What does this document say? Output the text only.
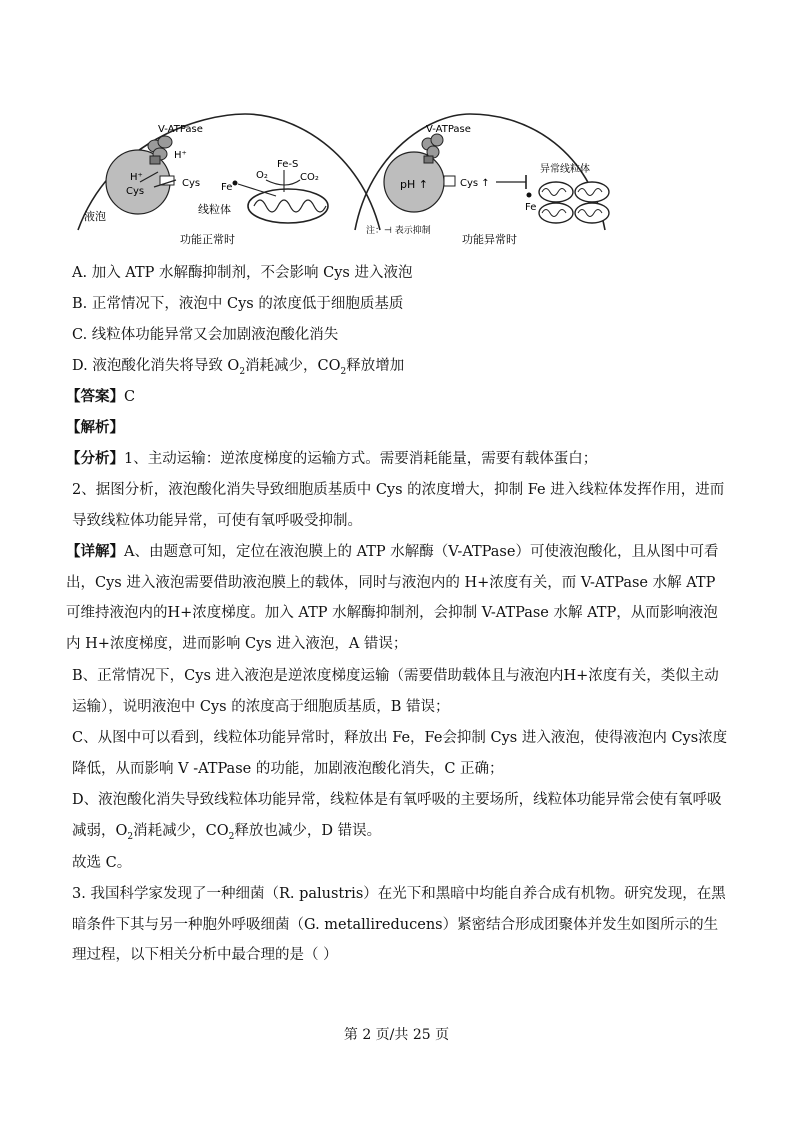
V-ATPase
H⁺
H⁺
Cys
Cys
液泡
Fe
Fe-S
O₂	CO₂
线粒体
功能正常时
V-ATPase
pH ↑	Cys ↑
Fe
异常线粒体
注：⊣ 表示抑制
功能异常时
A. 加入 ATP 水解酶抑制剂，不会影响 Cys 进入液泡
B. 正常情况下，液泡中 Cys 的浓度低于细胞质基质
C. 线粒体功能异常又会加剧液泡酸化消失
D. 液泡酸化消失将导致 $O_2$消耗减少，$CO_2$释放增加
【答案】C
【解析】
【分析】1、主动运输：逆浓度梯度的运输方式。需要消耗能量，需要有载体蛋白；
2、据图分析，液泡酸化消失导致细胞质基质中 Cys 的浓度增大，抑制 Fe 进入线粒体发挥作用，进而导致线粒体功能异常，可使有氧呼吸受抑制。
【详解】A、由题意可知，定位在液泡膜上的 ATP 水解酶（V-ATPase）可使液泡酸化，且从图中可看出，Cys 进入液泡需要借助液泡膜上的载体，同时与液泡内的 H+浓度有关，而 V-ATPase 水解 ATP 可维持液泡内的H+浓度梯度。加入 ATP 水解酶抑制剂，会抑制 V-ATPase 水解 ATP，从而影响液泡内 H+浓度梯度，进而影响 Cys 进入液泡，A 错误；
B、正常情况下，Cys 进入液泡是逆浓度梯度运输（需要借助载体且与液泡内H+浓度有关，类似主动运输），说明液泡中 Cys 的浓度高于细胞质基质，B 错误；
C、从图中可以看到，线粒体功能异常时，释放出 Fe，Fe会抑制 Cys 进入液泡，使得液泡内 Cys浓度降低，从而影响 V -ATPase 的功能，加剧液泡酸化消失，C 正确；
D、液泡酸化消失导致线粒体功能异常，线粒体是有氧呼吸的主要场所，线粒体功能异常会使有氧呼吸减弱，$O_2$消耗减少，$CO_2$释放也减少，D 错误。
故选 C。
3. 我国科学家发现了一种细菌（R. palustris）在光下和黑暗中均能自养合成有机物。研究发现，在黑暗条件下其与另一种胞外呼吸细菌（G. metallireducens）紧密结合形成团聚体并发生如图所示的生理过程，以下相关分析中最合理的是（ ）
第 2 页/共 25 页
